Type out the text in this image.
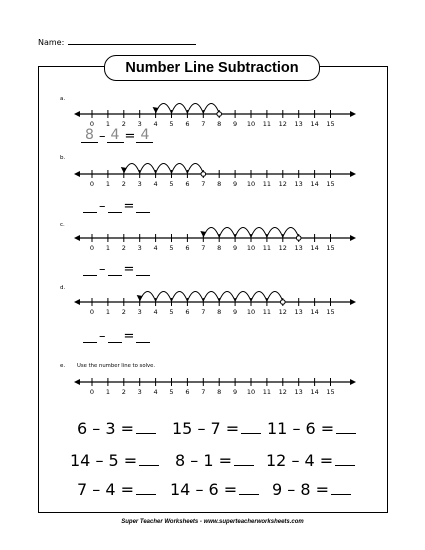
Name:
Number Line Subtraction
a.
b.
c.
d.
e. Use the number line to solve.
0 1 2 3 4 5 6 7 8 9 10 11 12 13 14 15
0 1 2 3 4 5 6 7 8 9 10 11 12 13 14 15
0 1 2 3 4 5 6 7 8 9 10 11 12 13 14 15
0 1 2 3 4 5 6 7 8 9 10 11 12 13 14 15
0 1 2 3 4 5 6 7 8 9 10 11 12 13 14 15
8 – 4 = 4
– =
– =
– =
6 – 3 =	15 – 7 =	11 – 6 =
14 – 5 =	8 – 1 =	12 – 4 =
7 – 4 =	14 – 6 =	9 – 8 =
Super Teacher Worksheets - www.superteacherworksheets.com
